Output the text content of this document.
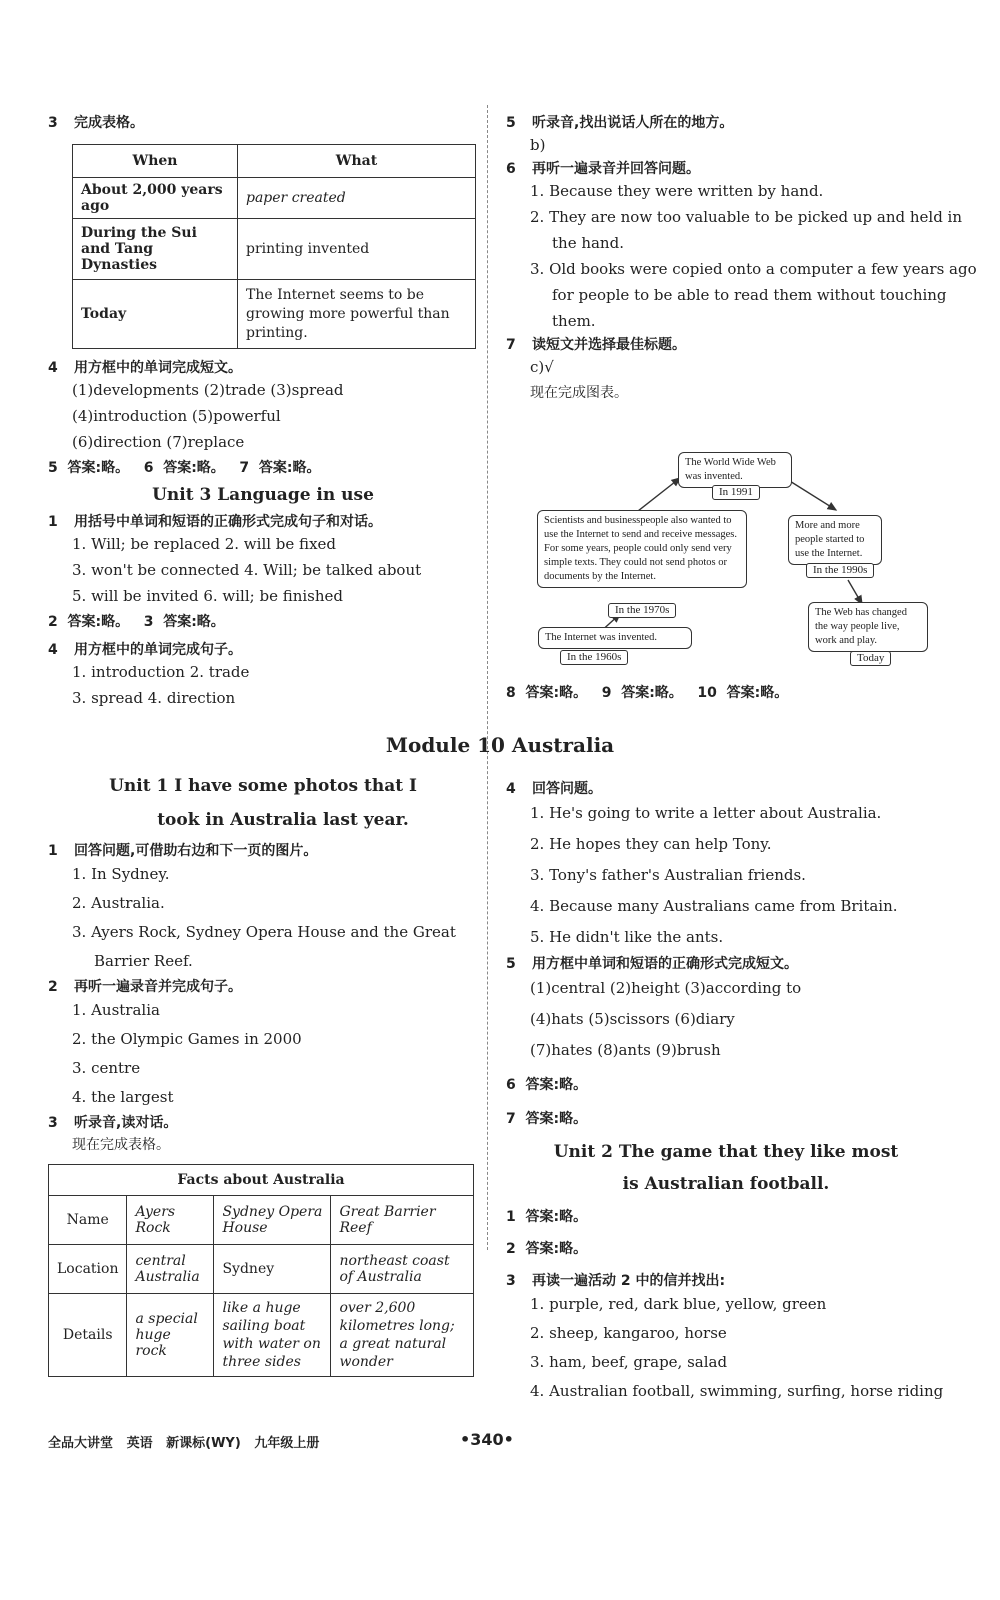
3 完成表格。
When	What
About 2,000 years ago	paper created
During the Sui and Tang Dynasties	printing invented
Today	The Internet seems to be growing more powerful than printing.
4 用方框中的单词完成短文。
(1)developments (2)trade (3)spread
(4)introduction (5)powerful
(6)direction (7)replace
5  答案:略。   6  答案:略。   7  答案:略。
Unit 3 Language in use
1 用括号中单词和短语的正确形式完成句子和对话。
1. Will; be replaced 2. will be fixed
3. won't be connected 4. Will; be talked about
5. will be invited 6. will; be finished
2  答案:略。   3  答案:略。
4 用方框中的单词完成句子。
1. introduction 2. trade
3. spread 4. direction
5 听录音,找出说话人所在的地方。
b)
6 再听一遍录音并回答问题。
1. Because they were written by hand.
2. They are now too valuable to be picked up and held in
the hand.
3. Old books were copied onto a computer a few years ago
for people to be able to read them without touching
them.
7 读短文并选择最佳标题。
c)√
现在完成图表。
The World Wide Web was invented.
In 1991
Scientists and businesspeople also wanted to use the Internet to send and receive messages. For some years, people could only send very simple texts. They could not send photos or documents by the Internet.
In the 1970s
More and more people started to use the Internet.
In the 1990s
The Internet was invented.
In the 1960s
The Web has changed the way people live, work and play.
Today
8  答案:略。   9  答案:略。   10  答案:略。
Module 10 Australia
Unit 1 I have some photos that I
took in Australia last year.
1 回答问题,可借助右边和下一页的图片。
1. In Sydney.
2. Australia.
3. Ayers Rock, Sydney Opera House and the Great
Barrier Reef.
2 再听一遍录音并完成句子。
1. Australia
2. the Olympic Games in 2000
3. centre
4. the largest
3 听录音,读对话。
现在完成表格。
Facts about Australia			
Name	Ayers Rock	Sydney Opera House	Great Barrier Reef
Location	central Australia	Sydney	northeast coast of Australia
Details	a special huge rock	like a huge sailing boat with water on three sides	over 2,600 kilometres long; a great natural wonder
4 回答问题。
1. He's going to write a letter about Australia.
2. He hopes they can help Tony.
3. Tony's father's Australian friends.
4. Because many Australians came from Britain.
5. He didn't like the ants.
5 用方框中单词和短语的正确形式完成短文。
(1)central (2)height (3)according to
(4)hats (5)scissors (6)diary
(7)hates (8)ants (9)brush
6  答案:略。
7  答案:略。
Unit 2 The game that they like most
is Australian football.
1  答案:略。
2  答案:略。
3 再读一遍活动 2 中的信并找出:
1. purple, red, dark blue, yellow, green
2. sheep, kangaroo, horse
3. ham, beef, grape, salad
4. Australian football, swimming, surfing, horse riding
全品大讲堂   英语   新课标(WY)   九年级上册	•340•
